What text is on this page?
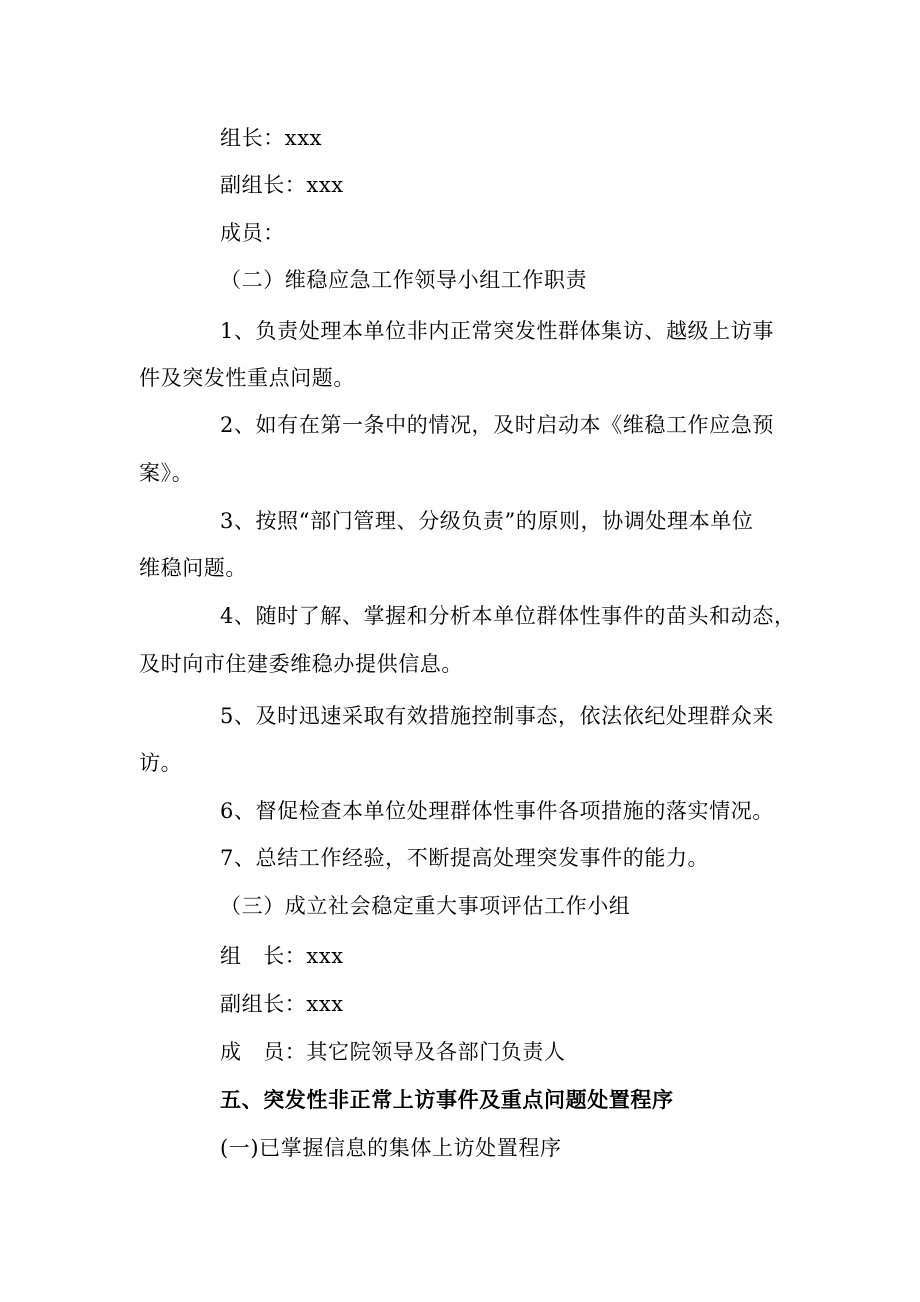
组长：xxx
副组长：xxx
成员：
（二）维稳应急工作领导小组工作职责
1、负责处理本单位非内正常突发性群体集访、越级上访事
件及突发性重点问题。
2、如有在第一条中的情况，及时启动本《维稳工作应急预
案》。
3、按照“部门管理、分级负责”的原则，协调处理本单位
维稳问题。
4、随时了解、掌握和分析本单位群体性事件的苗头和动态，
及时向市住建委维稳办提供信息。
5、及时迅速采取有效措施控制事态，依法依纪处理群众来
访。
6、督促检查本单位处理群体性事件各项措施的落实情况。
7、总结工作经验，不断提高处理突发事件的能力。
（三）成立社会稳定重大事项评估工作小组
组　长：xxx
副组长：xxx
成　员：其它院领导及各部门负责人
五、突发性非正常上访事件及重点问题处置程序
(一)已掌握信息的集体上访处置程序
